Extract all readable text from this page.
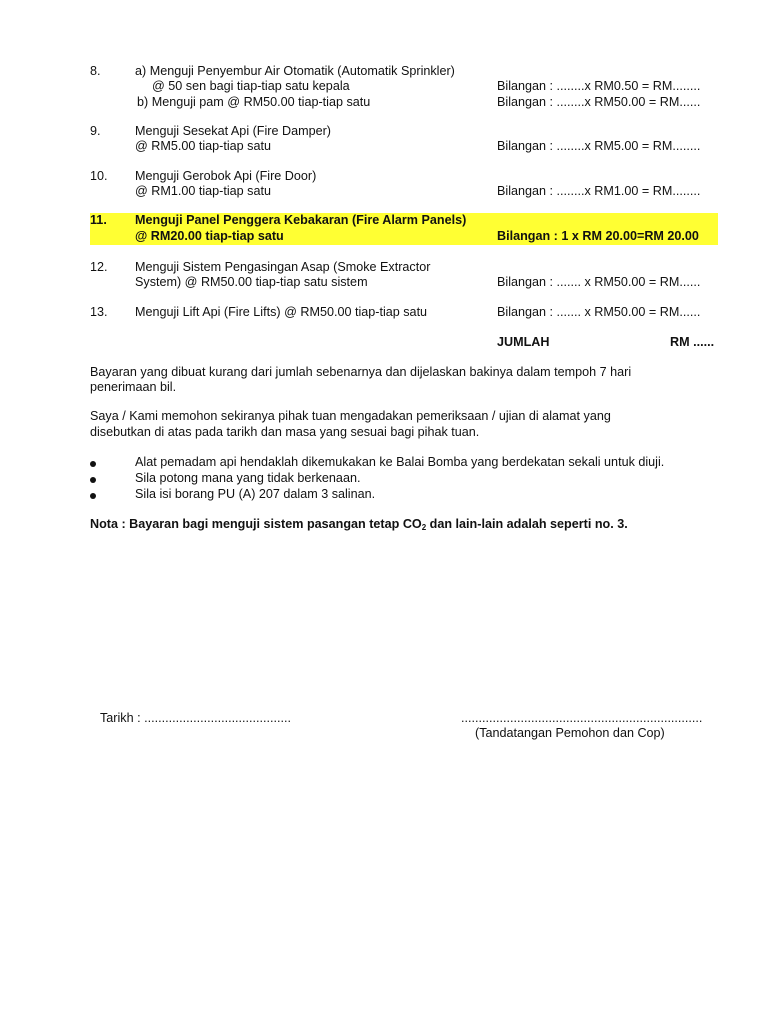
8.	a) Menguji Penyembur Air Otomatik (Automatik Sprinkler)
@ 50 sen bagi tiap-tiap satu kepala	Bilangan : ........x RM0.50 = RM........
b) Menguji pam @ RM50.00 tiap-tiap satu	Bilangan : ........x RM50.00 = RM......
9.	Menguji Sesekat Api (Fire Damper)
@ RM5.00 tiap-tiap satu	Bilangan : ........x RM5.00 = RM........
10. Menguji Gerobok Api (Fire Door)
@ RM1.00 tiap-tiap satu	Bilangan : ........x RM1.00 = RM........
11. Menguji Panel Penggera Kebakaran (Fire Alarm Panels)
@ RM20.00 tiap-tiap satu	Bilangan : 1 x RM 20.00=RM 20.00
12. Menguji Sistem Pengasingan Asap (Smoke Extractor
System) @ RM50.00 tiap-tiap satu sistem	Bilangan : ....... x RM50.00 = RM......
13. Menguji Lift Api (Fire Lifts) @ RM50.00 tiap-tiap satu	Bilangan : ....... x RM50.00 = RM......
JUMLAH	RM ......
Bayaran yang dibuat kurang dari jumlah sebenarnya dan dijelaskan bakinya dalam tempoh 7 hari
penerimaan bil.
Saya / Kami memohon sekiranya pihak tuan mengadakan pemeriksaan / ujian di alamat yang
disebutkan di atas pada tarikh dan masa yang sesuai bagi pihak tuan.
Alat pemadam api hendaklah dikemukakan ke Balai Bomba yang berdekatan sekali untuk diuji.
Sila potong mana yang tidak berkenaan.
Sila isi borang PU (A) 207 dalam 3 salinan.
Nota : Bayaran bagi menguji sistem pasangan tetap $CO_2$ dan lain-lain adalah seperti no. 3.
Tarikh : ..........................................	.....................................................................
(Tandatangan Pemohon dan Cop)
